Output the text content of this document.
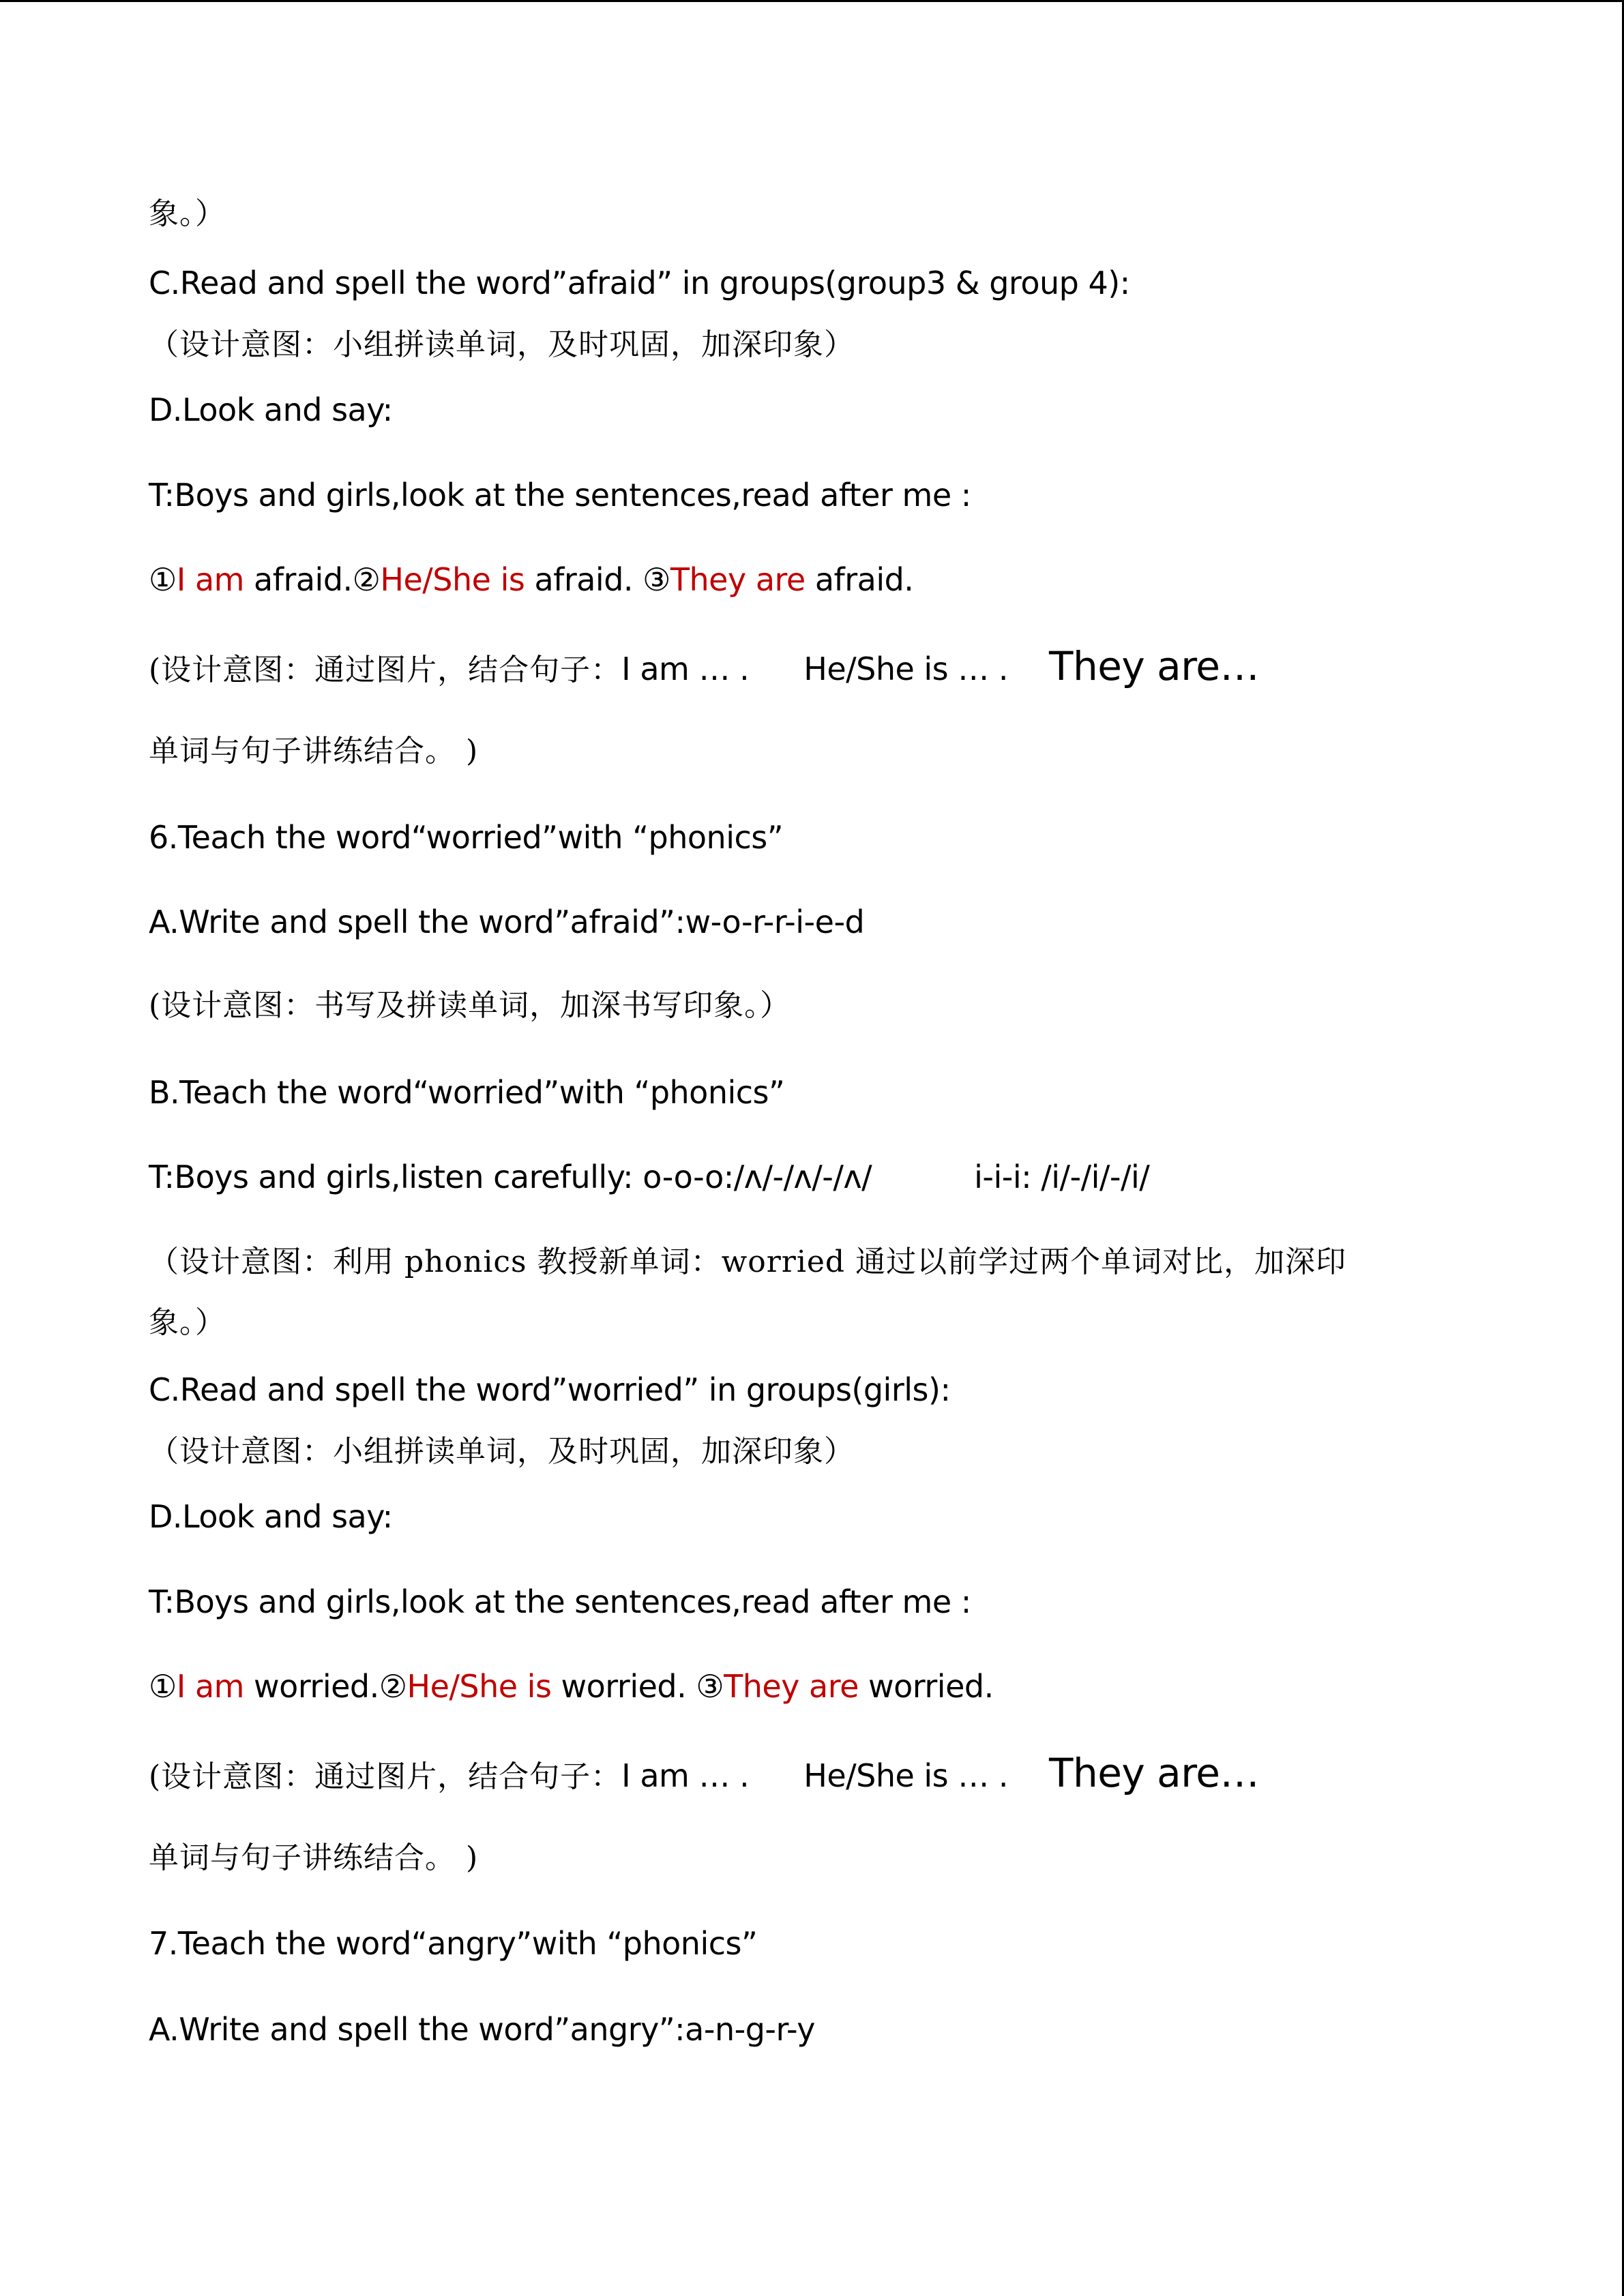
象。）
C.Read and spell the word”afraid” in groups(group3 & group 4):
（设计意图：小组拼读单词，及时巩固，加深印象）
D.Look and say:
T:Boys and girls,look at the sentences,read after me :
①I am afraid.②He/She is afraid. ③They are afraid.
(设计意图：通过图片，结合句子：I am … . He/She is … . They are…
单词与句子讲练结合。 )
6.Teach the word“worried”with “phonics”
A.Write and spell the word”afraid”:w-o-r-r-i-e-d
(设计意图：书写及拼读单词，加深书写印象。）
B.Teach the word“worried”with “phonics”
T:Boys and girls,listen carefully: o-o-o:/ʌ/-/ʌ/-/ʌ/	i-i-i: /i/-/i/-/i/
（设计意图：利用 phonics 教授新单词：worried 通过以前学过两个单词对比，加深印
象。）
C.Read and spell the word”worried” in groups(girls):
（设计意图：小组拼读单词，及时巩固，加深印象）
D.Look and say:
T:Boys and girls,look at the sentences,read after me :
①I am worried.②He/She is worried. ③They are worried.
(设计意图：通过图片，结合句子：I am … . He/She is … . They are…
单词与句子讲练结合。 )
7.Teach the word“angry”with “phonics”
A.Write and spell the word”angry”:a-n-g-r-y
